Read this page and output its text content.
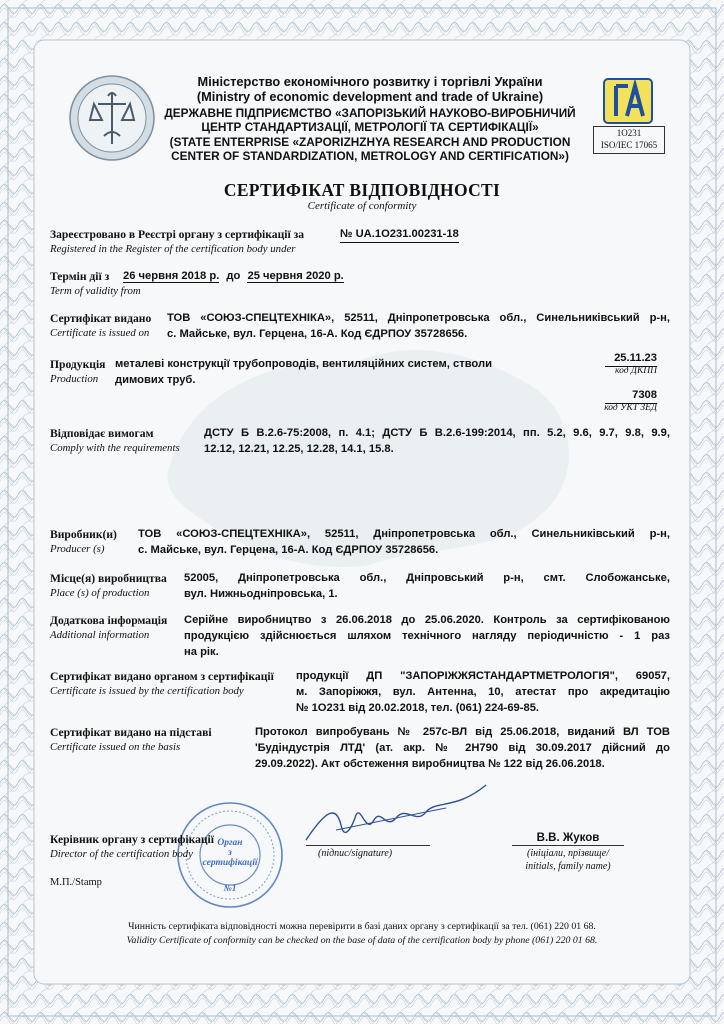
Міністерство економічного розвитку і торгівлі України
(Ministry of economic development and trade of Ukraine)
ДЕРЖАВНЕ ПІДПРИЄМСТВО «ЗАПОРІЗЬКИЙ НАУКОВО-ВИРОБНИЧИЙ
ЦЕНТР СТАНДАРТИЗАЦІЇ, МЕТРОЛОГІЇ ТА СЕРТИФІКАЦІЇ»
(STATE ENTERPRISE «ZAPORIZHZHYA RESEARCH AND PRODUCTION
CENTER OF STANDARDIZATION, METROLOGY AND CERTIFICATION»)
1O231
ISO/IEC 17065
СЕРТИФІКАТ ВІДПОВІДНОСТІ
Certificate of conformity
Зареєстровано в Реєстрі органу з сертифікації за
Registered in the Register of the certification body under
№ UA.1O231.00231-18
Термін дії з
Term of validity from
26 червня 2018 р. до 25 червня 2020 р.
Сертифікат видано
Certificate is issued on
ТОВ «СОЮЗ-СПЕЦТЕХНІКА», 52511, Дніпропетровська обл., Синельниківський р-н,
с. Майське, вул. Герцена, 16-А. Код ЄДРПОУ 35728656.
Продукція
Production
металеві конструкції трубопроводів, вентиляційних систем, стволи
димових труб.
25.11.23
код ДКПП
7308
код УКТ ЗЕД
Відповідає вимогам
Comply with the requirements
ДСТУ Б В.2.6-75:2008, п. 4.1; ДСТУ Б В.2.6-199:2014, пп. 5.2, 9.6, 9.7, 9.8, 9.9,
12.12, 12.21, 12.25, 12.28, 14.1, 15.8.
Виробник(и)
Producer (s)
ТОВ «СОЮЗ-СПЕЦТЕХНІКА», 52511, Дніпропетровська обл., Синельниківський р-н,
с. Майське, вул. Герцена, 16-А. Код ЄДРПОУ 35728656.
Місце(я) виробництва
Place (s) of production
52005, Дніпропетровська обл., Дніпровський р-н, смт. Слобожанське,
вул. Нижньодніпровська, 1.
Додаткова інформація
Additional information
Серійне виробництво з 26.06.2018 до 25.06.2020. Контроль за сертифікованою
продукцією здійснюється шляхом технічного нагляду періодичністю - 1 раз
на рік.
Сертифікат видано органом з сертифікації
Certificate is issued by the certification body
продукції ДП "ЗАПОРІЖЖЯСТАНДАРТМЕТРОЛОГІЯ", 69057,
м. Запоріжжя, вул. Антенна, 10, атестат про акредитацію
№ 1O231 від 20.02.2018, тел. (061) 224-69-85.
Сертифікат видано на підставі
Certificate issued on the basis
Протокол випробувань № 257с-ВЛ від 25.06.2018, виданий ВЛ ТОВ
'Будіндустрія ЛТД' (ат. акр. № 2Н790 від 30.09.2017 дійсний до
29.09.2022). Акт обстеження виробництва № 122 від 26.06.2018.
Орган
з
сертифікації
№1
Керівник органу з сертифікації
Director of the certification body	(підпис/signature)
В.В. Жуков
(ініціали, прізвище/
initials, family name)
М.П./Stamp
Чинність сертифіката відповідності можна перевірити в базі даних органу з сертифікації за тел. (061) 220 01 68.
Validity Certificate of conformity can be checked on the base of data of the certification body by phone (061) 220 01 68.
